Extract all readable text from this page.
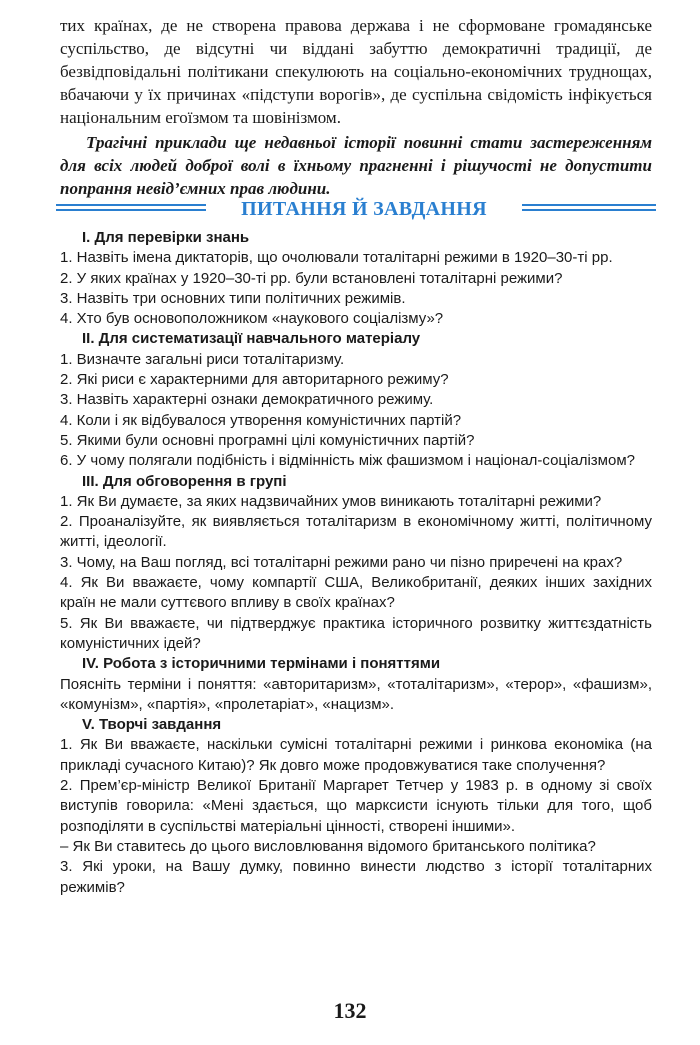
тих країнах, де не створена правова держава і не сформоване громадянське суспільство, де відсутні чи віддані забуттю демократичні традиції, де безвідповідальні політикани спекулюють на соціально-економічних труднощах, вбачаючи у їх причинах «підступи ворогів», де суспільна свідомість інфікується національним егоїзмом та шовінізмом.

Трагічні приклади ще недавньої історії повинні стати застереженням для всіх людей доброї волі в їхньому прагненні і рішучості не допустити попрання невід’ємних прав людини.

ПИТАННЯ Й ЗАВДАННЯ
I. Для перевірки знань

1. Назвіть імена диктаторів, що очолювали тоталітарні режими в 1920–30-ті рр.

2. У яких країнах у 1920–30-ті рр. були встановлені тоталітарні режими?

3. Назвіть три основних типи політичних режимів.

4. Хто був основоположником «наукового соціалізму»?

II. Для систематизації навчального матеріалу

1. Визначте загальні риси тоталітаризму.

2. Які риси є характерними для авторитарного режиму?

3. Назвіть характерні ознаки демократичного режиму.

4. Коли і як відбувалося утворення комуністичних партій?

5. Якими були основні програмні цілі комуністичних партій?

6. У чому полягали подібність і відмінність між фашизмом і націонал-соціалізмом?

III. Для обговорення в групі

1. Як Ви думаєте, за яких надзвичайних умов виникають тоталітарні режими?

2. Проаналізуйте, як виявляється тоталітаризм в економічному житті, політичному житті, ідеології.

3. Чому, на Ваш погляд, всі тоталітарні режими рано чи пізно приречені на крах?

4. Як Ви вважаєте, чому компартії США, Великобританії, деяких інших західних країн не мали суттєвого впливу в своїх країнах?

5. Як Ви вважаєте, чи підтверджує практика історичного розвитку життєздатність комуністичних ідей?

IV. Робота з історичними термінами і поняттями

Поясніть терміни і поняття: «авторитаризм», «тоталітаризм», «терор», «фашизм», «комунізм», «партія», «пролетаріат», «нацизм».

V. Творчі завдання

1. Як Ви вважаєте, наскільки сумісні тоталітарні режими і ринкова економіка (на прикладі сучасного Китаю)? Як довго може продовжуватися таке сполучення?

2. Прем’єр-міністр Великої Британії Маргарет Тетчер у 1983 р. в одному зі своїх виступів говорила: «Мені здається, що марксисти існують тільки для того, щоб розподіляти в суспільстві матеріальні цінності, створені іншими».

– Як Ви ставитесь до цього висловлювання відомого британського політика?

3. Які уроки, на Вашу думку, повинно винести людство з історії тоталітарних режимів?

132
